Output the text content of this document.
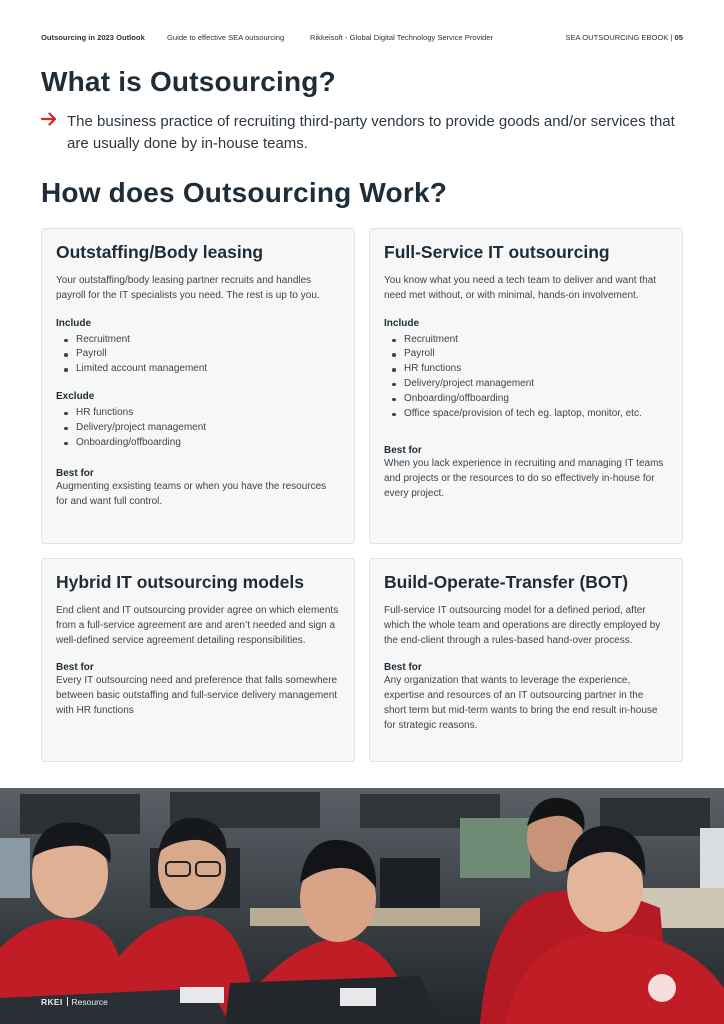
Outsourcing in 2023 Outlook	Guide to effective SEA outsourcing	Rikkeisoft - Global Digital Technology Service Provider	SEA OUTSOURCING EBOOK | 05
What is Outsourcing?

The business practice of recruiting third-party vendors to provide goods and/or services that are usually done by in-house teams.

How does Outsourcing Work?
Outstaffing/Body leasing

Your outstaffing/body leasing partner recruits and handles payroll for the IT specialists you need. The rest is up to you.

Include
Recruitment
Payroll
Limited account management
Exclude
HR functions
Delivery/project management
Onboarding/offboarding
Best for

Augmenting exsisting teams or when you have the resources for and want full control.

Full-Service IT outsourcing

You know what you need a tech team to deliver and want that need met without, or with minimal, hands-on involvement.

Include
Recruitment
Payroll
HR functions
Delivery/project management
Onboarding/offboarding
Office space/provision of tech eg. laptop, monitor, etc.
Best for

When you lack experience in recruiting and managing IT teams and projects or the resources to do so effectively in-house for every project.

Hybrid IT outsourcing models

End client and IT outsourcing provider agree on which elements from a full-service agreement are and aren’t needed and sign a well-defined service agreement detailing responsibilities.

Best for

Every IT outsourcing need and preference that falls somewhere between basic outstaffing and full-service delivery management with HR functions

Build-Operate-Transfer (BOT)

Full-service IT outsourcing model for a defined period, after which the whole team and operations are directly employed by the end-client through a rules-based hand-over process.

Best for

Any organization that wants to leverage the experience, expertise and resources of an IT outsourcing partner in the short term but mid-term wants to bring the end result in-house for strategic reasons.

RKEI Resource
